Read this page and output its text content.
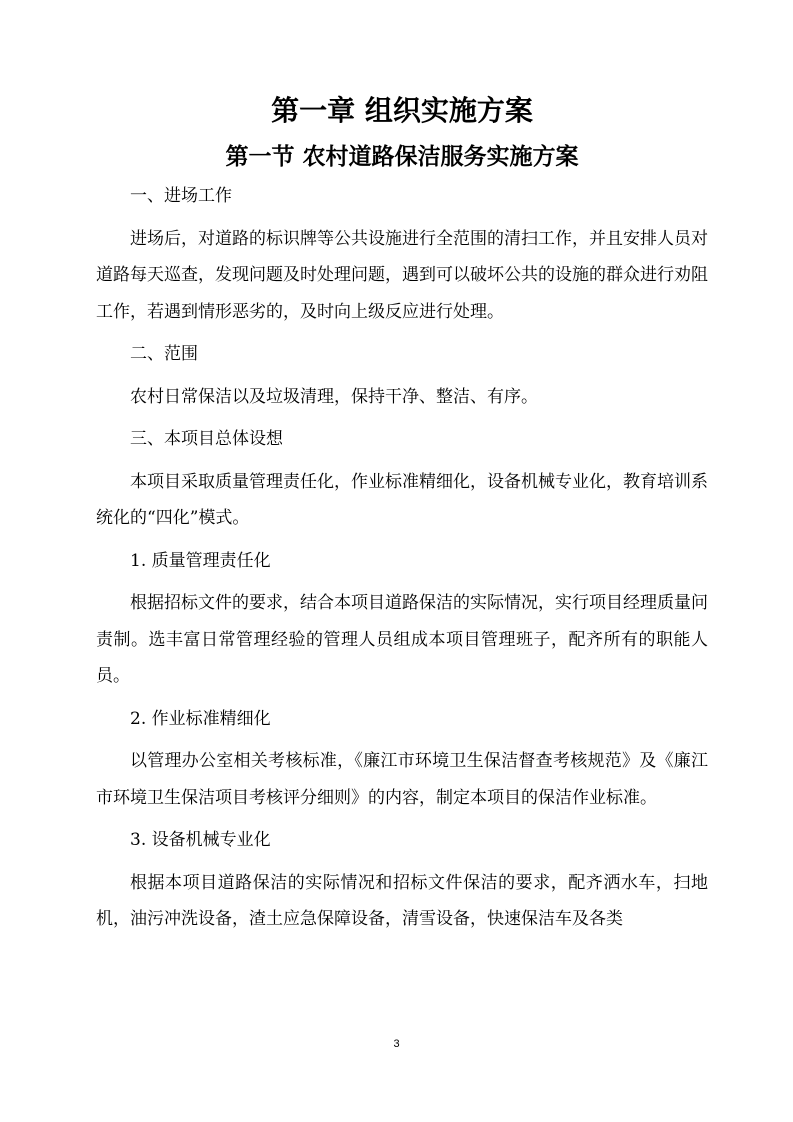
第一章 组织实施方案
第一节 农村道路保洁服务实施方案

一、进场工作

进场后，对道路的标识牌等公共设施进行全范围的清扫工作，并且安排人员对道路每天巡查，发现问题及时处理问题，遇到可以破坏公共的设施的群众进行劝阻工作，若遇到情形恶劣的，及时向上级反应进行处理。

二、范围

农村日常保洁以及垃圾清理，保持干净、整洁、有序。

三、本项目总体设想

本项目采取质量管理责任化，作业标准精细化，设备机械专业化，教育培训系统化的“四化”模式。

1. 质量管理责任化

根据招标文件的要求，结合本项目道路保洁的实际情况，实行项目经理质量问责制。选丰富日常管理经验的管理人员组成本项目管理班子，配齐所有的职能人员。

2. 作业标准精细化

以管理办公室相关考核标准，《廉江市环境卫生保洁督查考核规范》及《廉江市环境卫生保洁项目考核评分细则》的内容，制定本项目的保洁作业标准。

3. 设备机械专业化

根据本项目道路保洁的实际情况和招标文件保洁的要求，配齐洒水车，扫地机，油污冲洗设备，渣土应急保障设备，清雪设备，快速保洁车及各类

3
